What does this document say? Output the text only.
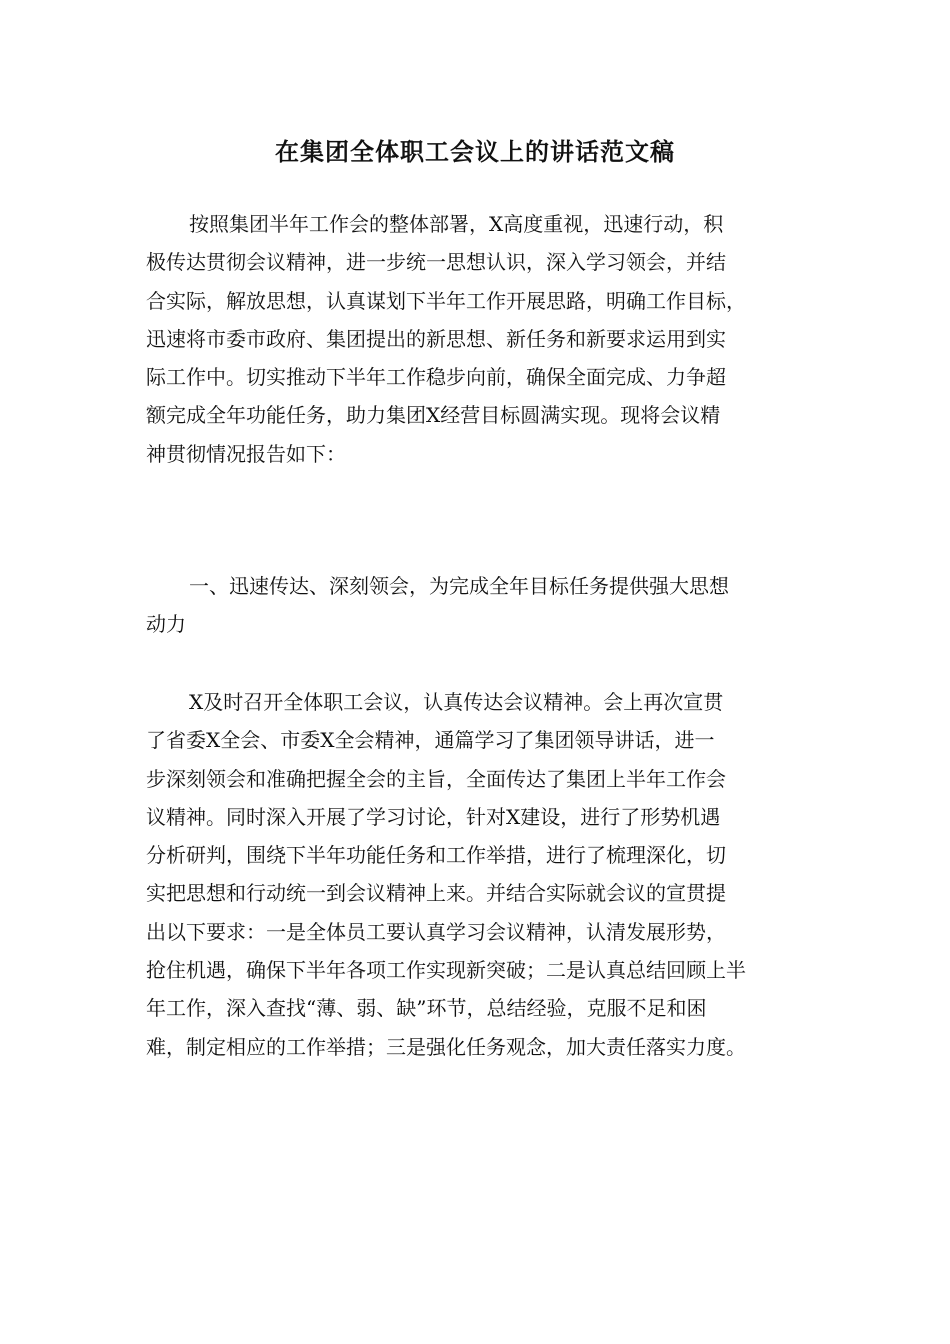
在集团全体职工会议上的讲话范文稿
按照集团半年工作会的整体部署，X高度重视，迅速行动，积
极传达贯彻会议精神，进一步统一思想认识，深入学习领会，并结
合实际，解放思想，认真谋划下半年工作开展思路，明确工作目标，
迅速将市委市政府、集团提出的新思想、新任务和新要求运用到实
际工作中。切实推动下半年工作稳步向前，确保全面完成、力争超
额完成全年功能任务，助力集团X经营目标圆满实现。现将会议精
神贯彻情况报告如下：
一、迅速传达、深刻领会，为完成全年目标任务提供强大思想
动力
X及时召开全体职工会议，认真传达会议精神。会上再次宣贯
了省委X全会、市委X全会精神，通篇学习了集团领导讲话，进一
步深刻领会和准确把握全会的主旨，全面传达了集团上半年工作会
议精神。同时深入开展了学习讨论，针对X建设，进行了形势机遇
分析研判，围绕下半年功能任务和工作举措，进行了梳理深化，切
实把思想和行动统一到会议精神上来。并结合实际就会议的宣贯提
出以下要求：一是全体员工要认真学习会议精神，认清发展形势，
抢住机遇，确保下半年各项工作实现新突破；二是认真总结回顾上半
年工作，深入查找“薄、弱、缺”环节，总结经验，克服不足和困
难，制定相应的工作举措；三是强化任务观念，加大责任落实力度。
